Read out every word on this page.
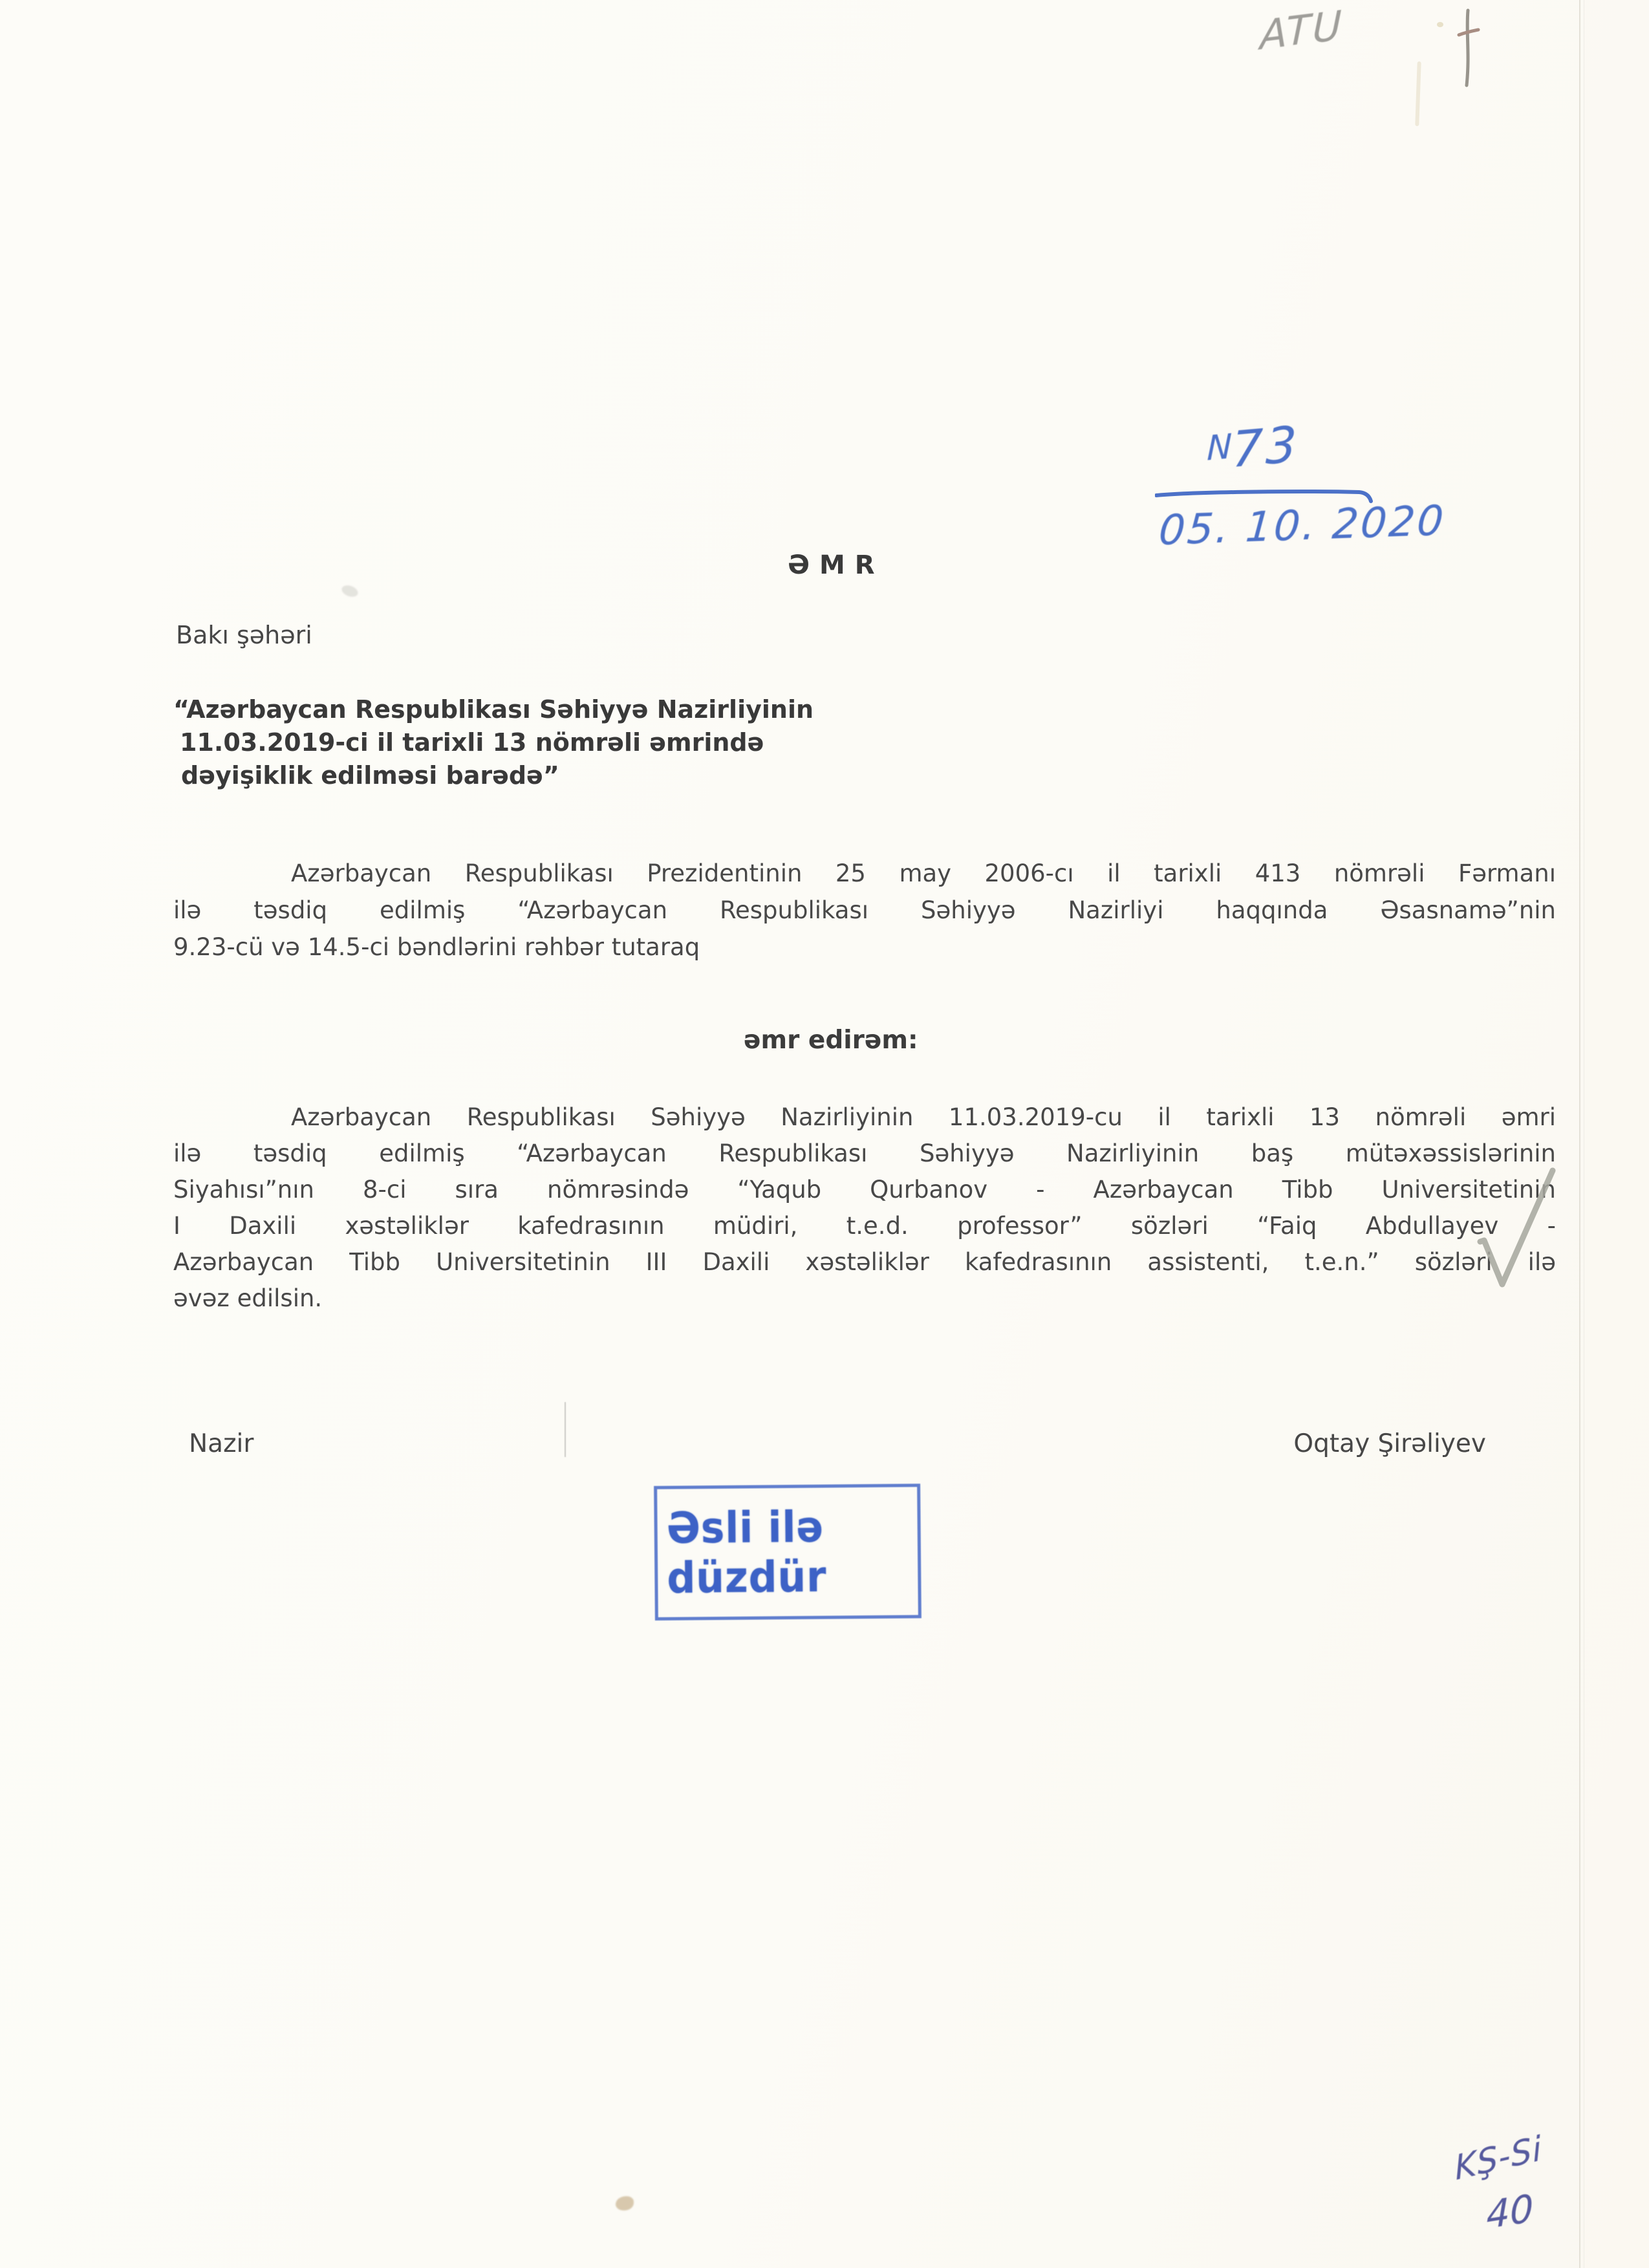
ATU
N73
05. 10. 2020
ƏMR
Bakı şəhəri
“Azərbaycan Respublikası Səhiyyə Nazirliyinin
11.03.2019-ci il tarixli 13 nömrəli əmrində
dəyişiklik edilməsi barədə”
Azərbaycan Respublikası Prezidentinin 25 may 2006-cı il tarixli 413 nömrəli Fərmanı
ilə təsdiq edilmiş “Azərbaycan Respublikası Səhiyyə Nazirliyi haqqında Əsasnamə”nin
9.23-cü və 14.5-ci bəndlərini rəhbər tutaraq
əmr edirəm:
Azərbaycan Respublikası Səhiyyə Nazirliyinin 11.03.2019-cu il tarixli 13 nömrəli əmri
ilə təsdiq edilmiş “Azərbaycan Respublikası Səhiyyə Nazirliyinin baş mütəxəssislərinin
Siyahısı”nın 8-ci sıra nömrəsində “Yaqub Qurbanov - Azərbaycan Tibb Universitetinin
I Daxili xəstəliklər kafedrasının müdiri, t.e.d. professor” sözləri “Faiq Abdullayev -
Azərbaycan Tibb Universitetinin III Daxili xəstəliklər kafedrasının assistenti, t.e.n.” sözləri ilə
əvəz edilsin.
Nazir	Oqtay Şirəliyev
Əsli ilə düzdür
KŞ-Si
40
